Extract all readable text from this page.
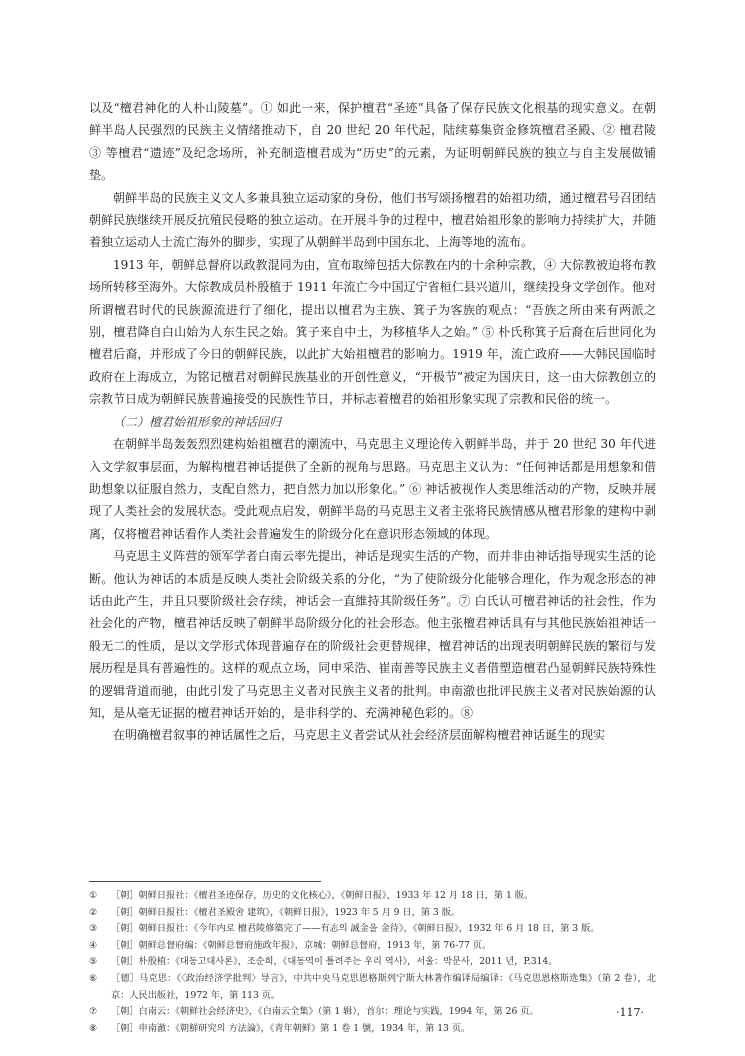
以及“檀君神化的人朴山陵墓”。① 如此一来，保护檀君“圣迹”具备了保存民族文化根基的现实意义。在朝鲜半岛人民强烈的民族主义情绪推动下，自 20 世纪 20 年代起，陆续募集资金修筑檀君圣殿、② 檀君陵 ③ 等檀君“遗迹”及纪念场所，补充制造檀君成为“历史”的元素，为证明朝鲜民族的独立与自主发展做铺垫。

朝鲜半岛的民族主义文人多兼具独立运动家的身份，他们书写颂扬檀君的始祖功绩，通过檀君号召团结朝鲜民族继续开展反抗殖民侵略的独立运动。在开展斗争的过程中，檀君始祖形象的影响力持续扩大，并随着独立运动人士流亡海外的脚步，实现了从朝鲜半岛到中国东北、上海等地的流布。

1913 年，朝鲜总督府以政教混同为由，宣布取缔包括大倧教在内的十余种宗教，④ 大倧教被迫将布教场所转移至海外。大倧教成员朴殷植于 1911 年流亡今中国辽宁省桓仁县兴道川，继续投身文学创作。他对所谓檀君时代的民族源流进行了细化，提出以檀君为主族、箕子为客族的观点：“吾族之所由来有两派之别，檀君降自白山始为人东生民之始。箕子来自中土，为移植华人之始。” ⑤ 朴氏称箕子后裔在后世同化为檀君后裔，并形成了今日的朝鲜民族，以此扩大始祖檀君的影响力。1919 年，流亡政府——大韩民国临时政府在上海成立，为铭记檀君对朝鲜民族基业的开创性意义，“开极节”被定为国庆日，这一由大倧教创立的宗教节日成为朝鲜民族普遍接受的民族性节日，并标志着檀君的始祖形象实现了宗教和民俗的统一。

（二）檀君始祖形象的神话回归

在朝鲜半岛轰轰烈烈建构始祖檀君的潮流中，马克思主义理论传入朝鲜半岛，并于 20 世纪 30 年代进入文学叙事层面，为解构檀君神话提供了全新的视角与思路。马克思主义认为：“任何神话都是用想象和借助想象以征服自然力，支配自然力，把自然力加以形象化。” ⑥ 神话被视作人类思维活动的产物，反映并展现了人类社会的发展状态。受此观点启发，朝鲜半岛的马克思主义者主张将民族情感从檀君形象的建构中剥离，仅将檀君神话看作人类社会普遍发生的阶级分化在意识形态领域的体现。

马克思主义阵营的领军学者白南云率先提出，神话是现实生活的产物，而并非由神话指导现实生活的论断。他认为神话的本质是反映人类社会阶级关系的分化，“为了使阶级分化能够合理化，作为观念形态的神话由此产生，并且只要阶级社会存续，神话会一直維持其阶级任务”。⑦ 白氏认可檀君神话的社会性，作为社会化的产物，檀君神话反映了朝鲜半岛阶级分化的社会形态。他主张檀君神话具有与其他民族始祖神话一般无二的性质，是以文学形式体现普遍存在的阶级社会更替规律，檀君神话的出现表明朝鲜民族的繁衍与发展历程是具有普遍性的。这样的观点立场，同申采浩、崔南善等民族主义者借塑造檀君凸显朝鲜民族特殊性的逻辑背道而驰，由此引发了马克思主义者对民族主义者的批判。申南澈也批评民族主义者对民族始源的认知，是从毫无证据的檀君神话开始的，是非科学的、充满神秘色彩的。⑧

在明确檀君叙事的神话属性之后，马克思主义者尝试从社会经济层面解构檀君神话诞生的现实

①	［朝］朝鲜日报社：《檀君圣迹保存，历史的文化核心》，《朝鲜日报》，1933 年 12 月 18 日，第 1 版。
②	［朝］朝鲜日报社：《檀君圣殿舍 建筑》，《朝鲜日报》，1923 年 5 月 9 日，第 3 版。
③	［朝］朝鲜日报社：《今年内로 檀君陵修築完了——有志의 誠金을 金待》，《朝鲜日报》，1932 年 6 月 18 日，第 3 版。
④	［朝］朝鲜总督府编：《朝鲜总督府施政年报》，京城：朝鲜总督府，1913 年，第 76-77 页。
⑤	［朝］朴殷植：《대동고대사론》，조순희，《대동역이 틀려주는 우리 역사》，서울：박문사，2011 년，P.314。
⑥	［德］马克思：《〈政治经济学批判〉导言》，中共中央马克思恩格斯列宁斯大林著作编译局编译：《马克思恩格斯选集》（第 2 卷），北京：人民出版社，1972 年，第 113 页。
⑦	［朝］白南云：《朝鲜社会经济史》，《白南云全集》（第 1 辑），首尔：理论与实践，1994 年，第 26 页。
⑧	［朝］申南澈：《朝鮮研究의 方法論》，《青年朝鲜》第 1 卷 1 號，1934 年，第 13 页。
·117·
